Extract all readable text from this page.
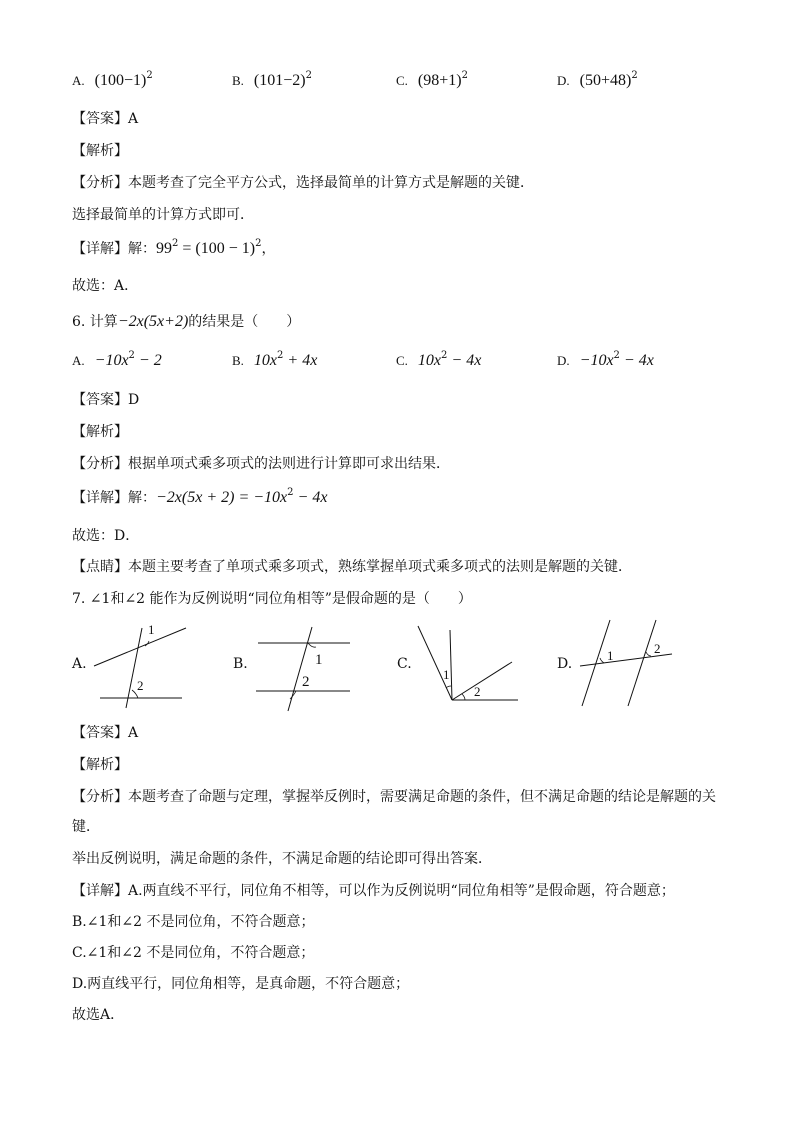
A. $(100-1)^2$	B. $(101-2)^2$	C. $(98+1)^2$	D. $(50+48)^2$
【答案】A
【解析】
【分析】本题考查了完全平方公式，选择最简单的计算方式是解题的关键．
选择最简单的计算方式即可．
【详解】解：$99^2 = (100 - 1)^2$，
故选：A．
6. 计算−2x(5x+2)的结果是（　　）
A. $-10x^2 - 2$	B. $10x^2 + 4x$	C. $10x^2 - 4x$	D. $-10x^2 - 4x$
【答案】D
【解析】
【分析】根据单项式乘多项式的法则进行计算即可求出结果．
【详解】解：$-2x(5x + 2) = -10x^2 - 4x$
故选：D．
【点睛】本题主要考查了单项式乘多项式，熟练掌握单项式乘多项式的法则是解题的关键．
7. ∠1和∠2 能作为反例说明“同位角相等”是假命题的是（　　）
A.
1
2
B.	1
2
C.
1
2
D.
1	2
【答案】A
【解析】
【分析】本题考查了命题与定理，掌握举反例时，需要满足命题的条件，但不满足命题的结论是解题的关
键．
举出反例说明，满足命题的条件，不满足命题的结论即可得出答案．
【详解】A.两直线不平行，同位角不相等，可以作为反例说明“同位角相等”是假命题，符合题意；
B.∠1和∠2 不是同位角，不符合题意；
C.∠1和∠2 不是同位角，不符合题意；
D.两直线平行，同位角相等，是真命题，不符合题意；
故选A．
